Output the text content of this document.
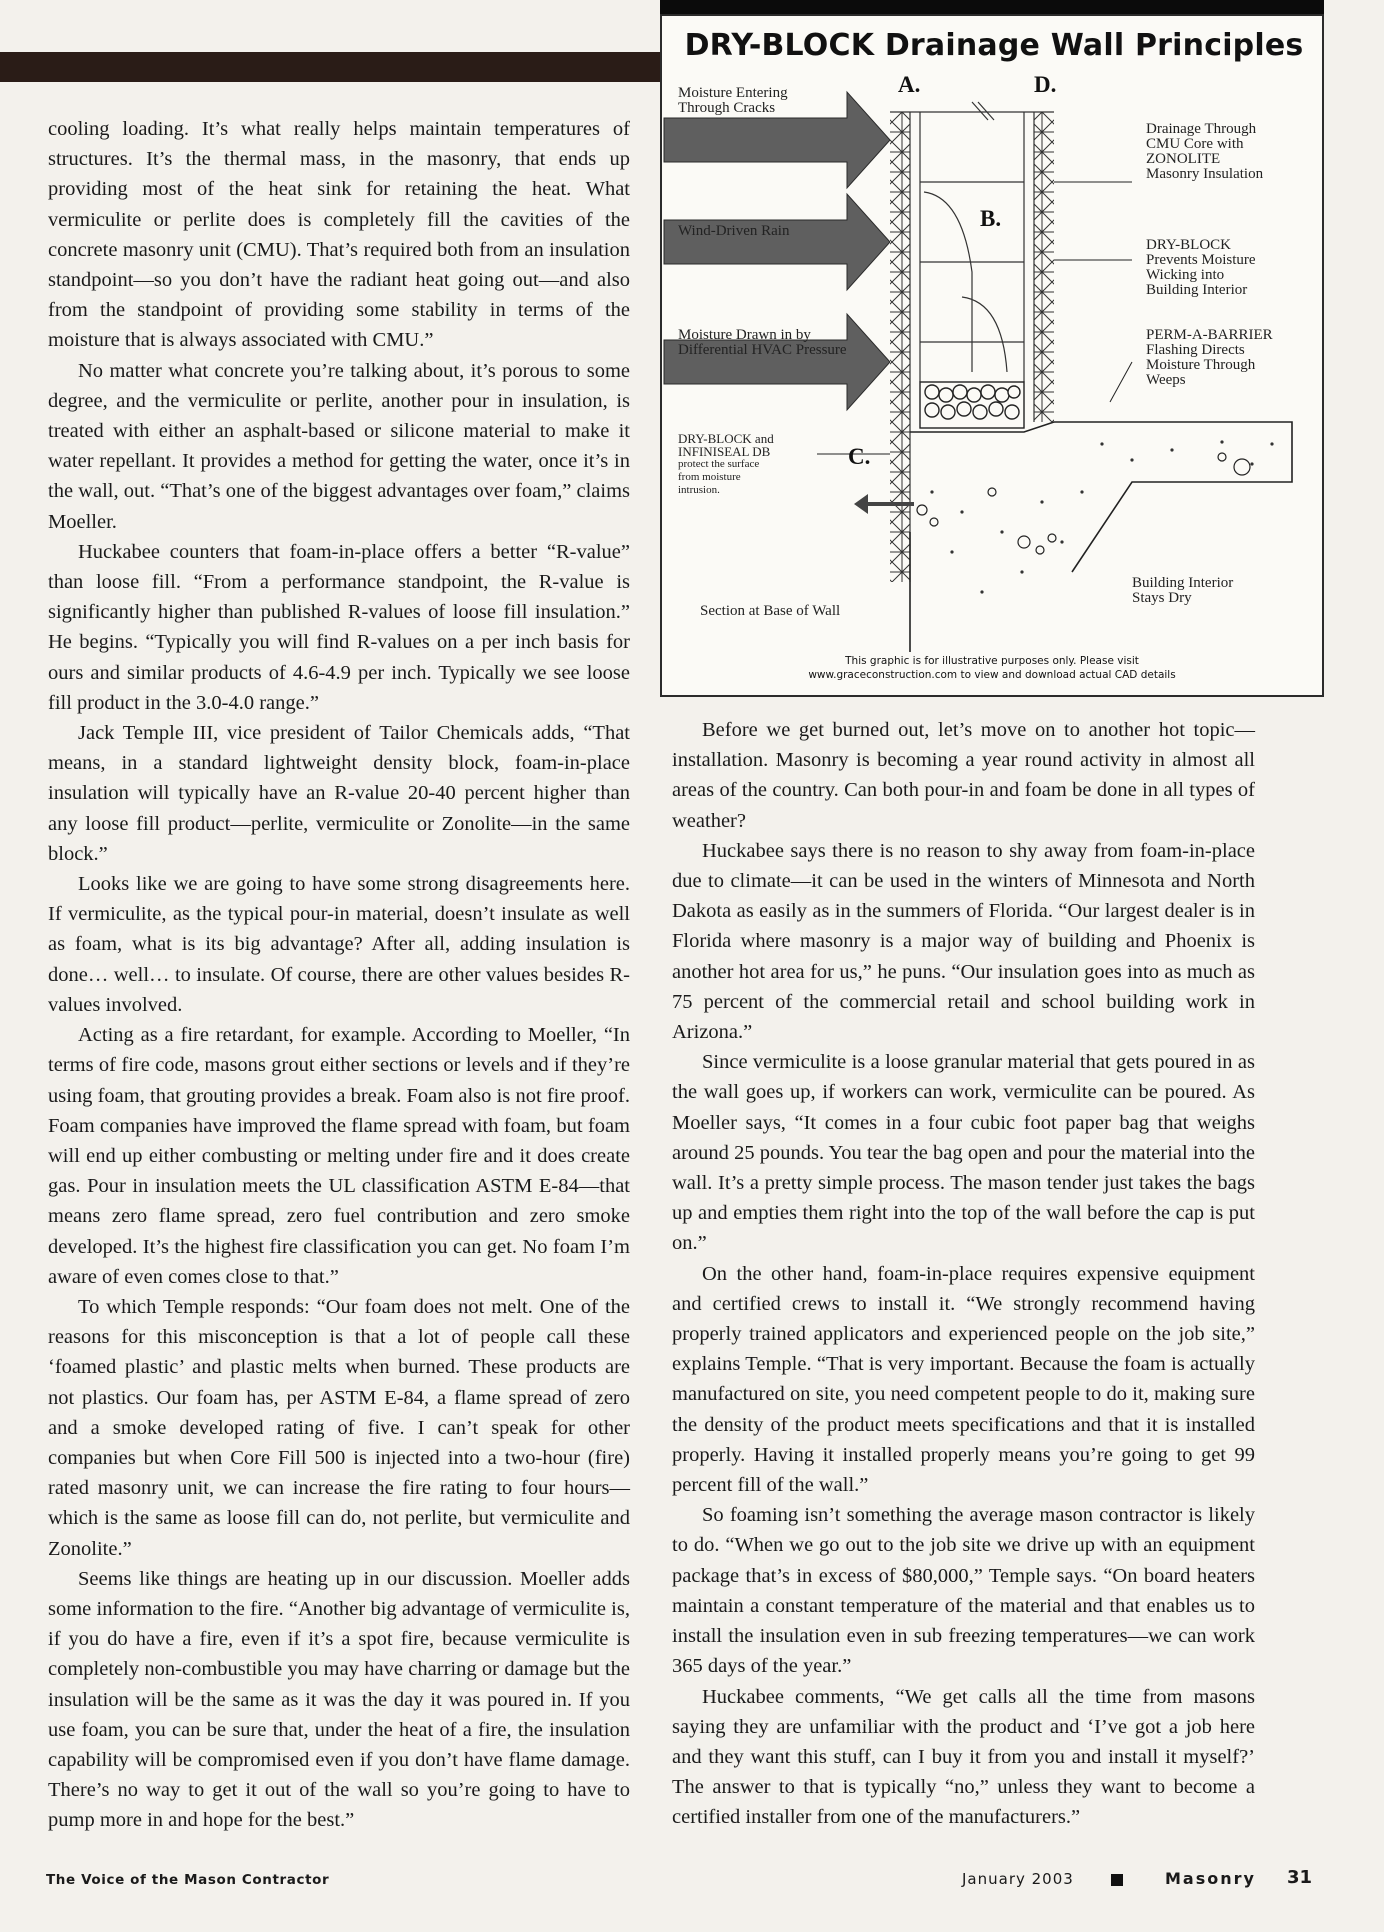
cooling loading. It’s what really helps maintain temperatures of structures. It’s the thermal mass, in the masonry, that ends up providing most of the heat sink for retaining the heat. What vermiculite or perlite does is completely fill the cavities of the concrete masonry unit (CMU). That’s required both from an insulation standpoint—so you don’t have the radiant heat going out—and also from the standpoint of providing some stability in terms of the moisture that is always associated with CMU.”

No matter what concrete you’re talking about, it’s porous to some degree, and the vermiculite or perlite, another pour in insulation, is treated with either an asphalt-based or silicone material to make it water repellant. It provides a method for getting the water, once it’s in the wall, out. “That’s one of the biggest advantages over foam,” claims Moeller.

Huckabee counters that foam-in-place offers a better “R-value” than loose fill. “From a performance standpoint, the R-value is significantly higher than published R-values of loose fill insulation.” He begins. “Typically you will find R-values on a per inch basis for ours and similar products of 4.6-4.9 per inch. Typically we see loose fill product in the 3.0-4.0 range.”

Jack Temple III, vice president of Tailor Chemicals adds, “That means, in a standard lightweight density block, foam-in-place insulation will typically have an R-value 20-40 percent higher than any loose fill product—perlite, vermiculite or Zonolite—in the same block.”

Looks like we are going to have some strong disagreements here. If vermiculite, as the typical pour-in material, doesn’t insulate as well as foam, what is its big advantage? After all, adding insulation is done… well… to insulate. Of course, there are other values besides R-values involved.

Acting as a fire retardant, for example. According to Moeller, “In terms of fire code, masons grout either sections or levels and if they’re using foam, that grouting provides a break. Foam also is not fire proof. Foam companies have improved the flame spread with foam, but foam will end up either combusting or melting under fire and it does create gas. Pour in insulation meets the UL classification ASTM E-84—that means zero flame spread, zero fuel contribution and zero smoke developed. It’s the highest fire classification you can get. No foam I’m aware of even comes close to that.”

To which Temple responds: “Our foam does not melt. One of the reasons for this misconception is that a lot of people call these ‘foamed plastic’ and plastic melts when burned. These products are not plastics. Our foam has, per ASTM E-84, a flame spread of zero and a smoke developed rating of five. I can’t speak for other companies but when Core Fill 500 is injected into a two-hour (fire) rated masonry unit, we can increase the fire rating to four hours—which is the same as loose fill can do, not perlite, but vermiculite and Zonolite.”

Seems like things are heating up in our discussion. Moeller adds some information to the fire. “Another big advantage of vermiculite is, if you do have a fire, even if it’s a spot fire, because vermiculite is completely non-combustible you may have charring or damage but the insulation will be the same as it was the day it was poured in. If you use foam, you can be sure that, under the heat of a fire, the insulation capability will be compromised even if you don’t have flame damage. There’s no way to get it out of the wall so you’re going to have to pump more in and hope for the best.”

DRY-BLOCK Drainage Wall Principles
A.	D.
B.
C.
Moisture Entering
Through Cracks
Wind-Driven Rain
Moisture Drawn in by
Differential HVAC Pressure
DRY-BLOCK and
INFINISEAL DB
protect the surface
from moisture
intrusion.
Section at Base of Wall
Drainage Through
CMU Core with
ZONOLITE
Masonry Insulation
DRY-BLOCK
Prevents Moisture
Wicking into
Building Interior
PERM-A-BARRIER
Flashing Directs
Moisture Through
Weeps
Building Interior
Stays Dry
This graphic is for illustrative purposes only. Please visit
www.graceconstruction.com to view and download actual CAD details

Before we get burned out, let’s move on to another hot topic—installation. Masonry is becoming a year round activity in almost all areas of the country. Can both pour-in and foam be done in all types of weather?

Huckabee says there is no reason to shy away from foam-in-place due to climate—it can be used in the winters of Minnesota and North Dakota as easily as in the summers of Florida. “Our largest dealer is in Florida where masonry is a major way of building and Phoenix is another hot area for us,” he puns. “Our insulation goes into as much as 75 percent of the commercial retail and school building work in Arizona.”

Since vermiculite is a loose granular material that gets poured in as the wall goes up, if workers can work, vermiculite can be poured. As Moeller says, “It comes in a four cubic foot paper bag that weighs around 25 pounds. You tear the bag open and pour the material into the wall. It’s a pretty simple process. The mason tender just takes the bags up and empties them right into the top of the wall before the cap is put on.”

On the other hand, foam-in-place requires expensive equipment and certified crews to install it. “We strongly recommend having properly trained applicators and experienced people on the job site,” explains Temple. “That is very important. Because the foam is actually manufactured on site, you need competent people to do it, making sure the density of the product meets specifications and that it is installed properly. Having it installed properly means you’re going to get 99 percent fill of the wall.”

So foaming isn’t something the average mason contractor is likely to do. “When we go out to the job site we drive up with an equipment package that’s in excess of $80,000,” Temple says. “On board heaters maintain a constant temperature of the material and that enables us to install the insulation even in sub freezing temperatures—we can work 365 days of the year.”

Huckabee comments, “We get calls all the time from masons saying they are unfamiliar with the product and ‘I’ve got a job here and they want this stuff, can I buy it from you and install it myself?’ The answer to that is typically “no,” unless they want to become a certified installer from one of the manufacturers.”

The Voice of the Mason Contractor	January 2003	Masonry 31
